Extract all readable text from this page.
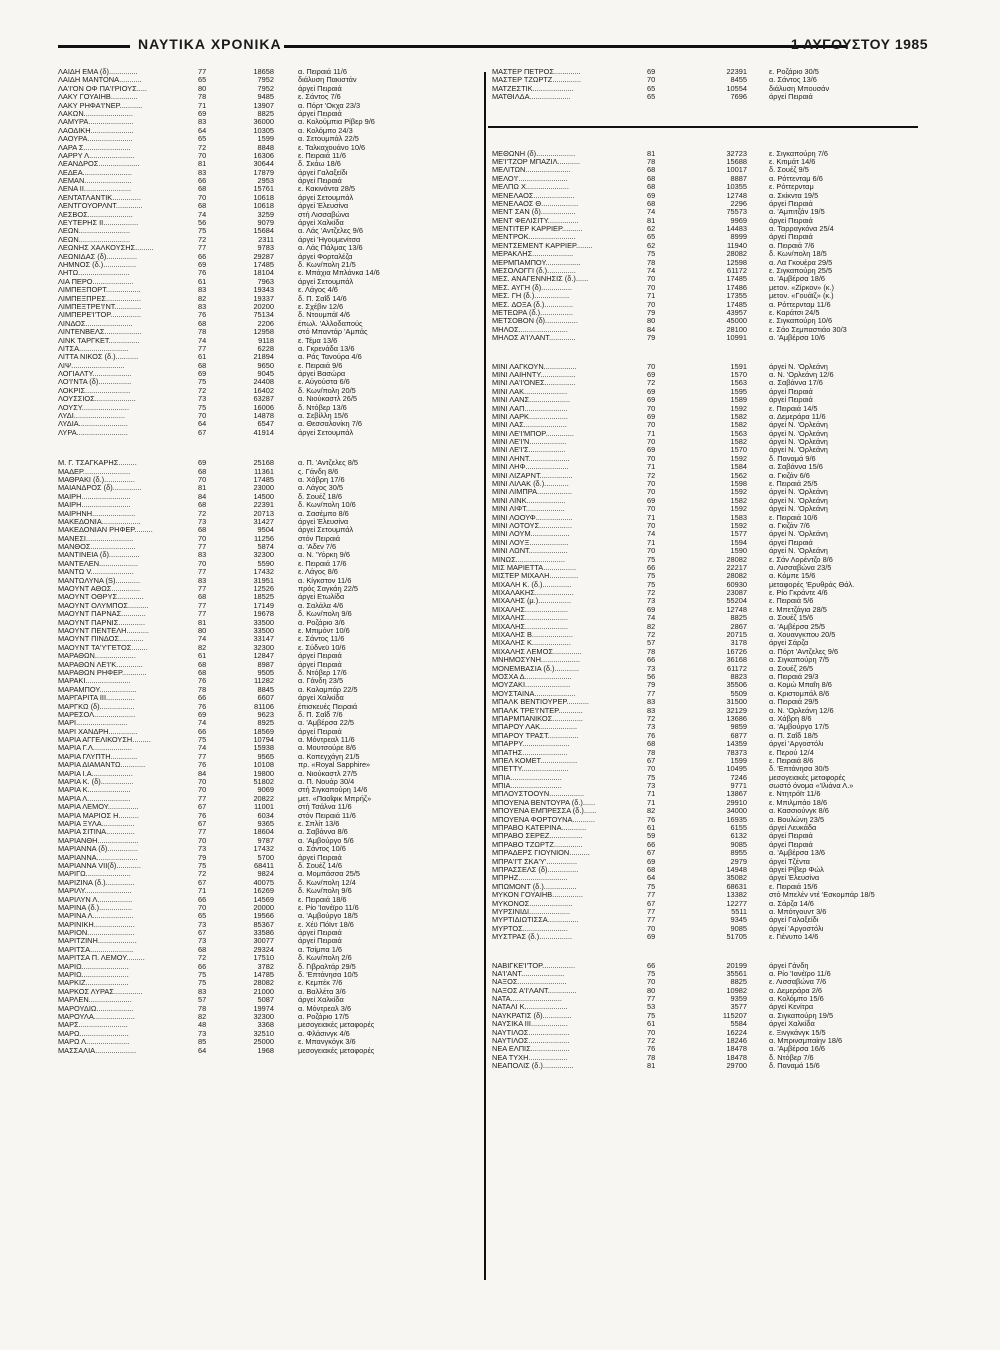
ΝΑΥΤΙΚΑ ΧΡΟΝΙΚΑ	1 ΑΥΓΟΥΣΤΟΥ 1985
ΛΑΙΔΗ ΕΜΑ (δ)..............	77	18658	α. Πειραιά 11/6
ΛΑΙΔΗ ΜΑΝΤΟΝΑ...........	65	7952	διάλυση Πακιστάν
ΛΑ'Ι'ΟΝ ΟΦ ΠΑ'Ι'ΡΙΟΥΣ.....	80	7952	άργεί Πειραιά
ΛΑΚΥ ΓΟΥΑΙΗΒ.............	78	9485	ε. Σάντος 7/6
ΛΑΚΥ ΡΗΦΑ'Ι'ΝΕΡ...........	71	13907	α. Πόρτ 'Οκχα 23/3
ΛΑΚΩΝ........................	69	8825	άργεί Πειραιά
ΛΑΜΥΡΑ......................	83	36000	α. Κολούμπια Ρίβερ 9/6
ΛΑΟΔΙΚΗ.....................	64	10305	α. Κολόμπο 24/3
ΛΑΟΥΡΑ......................	65	1599	α. Σετουμπάλ 22/5
ΛΑΡΑ Σ.......................	72	8848	ε. Ταλκαχουάνο 10/6
ΛΑΡΡΥ Λ......................	70	16306	ε. Πειραιά 11/6
ΛΕΑΝΔΡΟΣ....................	81	30644	δ. Σκάω 18/6
ΛΕΔΕΑ........................	83	17879	άργεί Γαλαξείδι
ΛΕΜΑΝ.......................	66	2953	άργεί Πειραιά
ΛΕΝΑ ΙΙ.......................	68	15761	ε. Κακινάντα 28/5
ΛΕΝΤΑΤΛΑΝΤΙΚ..............	70	10618	άργεί Σετουμπάλ
ΛΕΝΤΓΟΥΟΡΛΝΤ.............	68	10618	άργεί Έλευσίνα
ΛΕΣΒΟΣ......................	74	3259	στή Λισσαβώνα
ΛΕΥΤΕΡΗΣ ΙΙ.................	56	9079	άργεί Χαλκίδα
ΛΕΩΝ.........................	75	15684	α. Λάς 'Αντζελες 9/6
ΛΕΩΝ.........................	72	2311	άργεί 'Ηγουμενίτσα
ΛΕΩΝΗΣ ΧΑΛΚΟΥΣΗΣ.........	77	9783	α. Λάς Πάλμας 13/6
ΛΕΩΝΙΔΑΣ (δ)...............	66	29287	άργεί Φορταλέζα
ΛΗΜΝΟΣ (δ.)................	69	17485	δ. Κων/πολη 21/5
ΛΗΤΩ.........................	76	18104	ε. Μπάχια Μπλάνκα 14/6
ΛΙΑ ΠΕΡΟ....................	61	7963	άργεί Σετουμπάλ
ΛΙΜΠΕΞΠΟΡΤ.................	83	19343	ε. Λάγος 4/6
ΛΙΜΠΕΞΠΡΕΣ.................	82	19337	δ. Π. Σαΐδ 14/6
ΛΙΜΠΕΞΤΡΕ'Ι'ΝΤ.............	83	20200	ε. Σχέβιν 12/6
ΛΙΜΠΕΡΕ'Ι'ΤΟΡ...............	76	75134	δ. Ντουμπάϊ 4/6
ΛΙΝΔΟΣ.......................	68	2206	έπωλ. 'Αλλοδαπούς
ΛΙΝΤΕΝΒΕΛΣ..................	78	12958	στό Μπαντάρ 'Αμπάς
ΛΙΝΚ ΤΑΡΓΚΕΤ...............	74	9118	ε. Τέμα 13/6
ΛΙΤΣΑ........................	77	6228	α. Γκρενάδα 13/6
ΛΙΤΤΑ ΝΙΚΟΣ (δ.)...........	61	21894	α. Ράς Τανούρα 4/6
ΛΙΨ..........................	68	9650	ε. Πειραιά 9/6
ΛΟΓΙΑΛΤΥ...................	69	9045	άργεί Βασώρα
ΛΟ'Ι'ΝΤΑ (δ)................	75	24408	ε. Αύγούστα 6/6
ΛΟΚΡΙΣ......................	72	16402	δ. Κων/πολη 20/5
ΛΟΥΣΣΙΟΣ....................	73	63287	α. Νιούκαστλ 26/5
ΛΟΥΣΥ.......................	75	16006	δ. Ντόβερ 13/6
ΛΥΔΙ.........................	70	14878	α. Σεβίλλη 15/6
ΛΥΔΙΑ........................	64	6547	α. Θεσσαλονίκη 7/6
ΛΥΡΑ.........................	67	41914	άργεί Σετουμπάλ
Μ. Γ. ΤΣΑΓΚΑΡΗΣ.........	69	25168	α. Π. 'Αντζελες 8/5
ΜΑΔΕΡ.......................	68	11361	ς. Γάνδη 8/6
ΜΑΘΡΑΚΙ (δ.)...............	70	17485	α. Χάβρη 17/6
ΜΑΙΑΝΔΡΟΣ (δ)..............	81	23000	α. Λάγος 30/5
ΜΑΙΡΗ........................	84	14500	δ. Σουέζ 18/6
ΜΑΙΡΗ........................	68	22391	δ. Κων/πολη 10/6
ΜΑΙΡΗΝΗ.....................	72	20713	α. Σασέμπο 8/6
ΜΑΚΕΔΟΝΙΑ...................	73	31427	άργεί Έλευσίνα
ΜΑΚΕΔΟΝΙΑΝ ΡΗΦΕΡ.........	68	9504	άργεί Σετουμπάλ
ΜΑΝΕΣΙ.......................	70	11256	στόν Πειραιά
ΜΑΝΘΟΣ......................	77	5874	α. 'Αδεν 7/6
ΜΑΝΤΙΝΕΙΑ (δ)...............	83	32300	α. Ν. 'Υόρκη 9/6
ΜΑΝΤΕΛΕΝ...................	70	5590	ε. Πειραιά 17/6
ΜΑΝΤΩ V.....................	77	17432	ε. Λάγος 8/6
ΜΑΝΤΩΛΥΝΑ (S)............	83	31951	α. Κίγκστον 11/6
ΜΑΟΥΝΤ ΑΘΩΣ..............	77	12526	πρός Σαγκάη 22/5
ΜΑΟΥΝΤ ΟΘΡΥΣ.............	68	18525	άργεί Ετωλίδα
ΜΑΟΥΝΤ ΟΛΥΜΠΟΣ..........	77	17149	α. Σαλάλα 4/6
ΜΑΟΥΝΤ ΠΑΡΝΑΣ............	77	19678	δ. Κων/πολη 9/6
ΜΑΟΥΝΤ ΠΑΡΝΙΣ.............	81	33500	α. Ροζάριο 3/6
ΜΑΟΥΝΤ ΠΕΝΤΕΛΗ...........	80	33500	ε. Μπιμόντ 10/6
ΜΑΟΥΝΤ ΠΙΝΔΟΣ............	74	33147	ε. Σάντος 11/6
ΜΑΟΥΝΤ ΤΑ'Υ'ΓΕΤΟΣ........	82	32300	ε. Σύδνεϋ 10/6
ΜΑΡΑΘΩΝ....................	61	12847	άργεί Πειραιά
ΜΑΡΑΘΩΝ ΛΕ'Ι'Κ.............	68	8987	άργεί Πειραιά
ΜΑΡΑΘΩΝ ΡΗΦΕΡ............	68	9505	δ. Ντόβερ 17/6
ΜΑΡΑΚΙ......................	76	11282	α. Γάνδη 23/5
ΜΑΡΑΜΠΟΥ..................	78	8845	α. Καλαμπάρ 22/5
ΜΑΡΓΑΡΙΤΑ ΙΙΙ..............	66	6607	άργεί Χαλκίδα
ΜΑΡΓΚΩ (δ).................	76	81106	έπισκευές Πειραιά
ΜΑΡΕΣΟΛ....................	69	9623	δ. Π. Σαΐδ 7/6
ΜΑΡΙ.........................	74	8925	α. 'Αμβέρσα 22/5
ΜΑΡΙ ΧΑΝΔΡΗ..............	66	18569	άργεί Πειραιά
ΜΑΡΙΑ ΑΓΓΕΛΙΚΟΥΣΗ.........	75	10794	α. Μόντρεαλ 11/6
ΜΑΡΙΑ Γ.Λ...................	74	15938	α. Μουτσούρε 8/6
ΜΑΡΙΑ ΓΛΥΠΤΗ.............	77	9565	α. Κοπεγχάγη 21/5
ΜΑΡΙΑ ΔΙΑΜΑΝΤΩ............	76	10108	πρ. «Royal Sapphire»
ΜΑΡΙΑ Ι.Α....................	84	19800	α. Νιούκαστλ 27/5
ΜΑΡΙΑ Κ. (δ)................	70	51802	α. Π. Νουάρ 30/4
ΜΑΡΙΑ Κ.....................	70	9069	στή Σιγκαπούρη 14/6
ΜΑΡΙΑ Λ.....................	77	20822	μετ. «Παοΐφικ Μπρήζ»
ΜΑΡΙΑ ΛΕΜΟΥ...............	67	11001	στή Τσάλνα 11/6
ΜΑΡΙΑ ΜΑΡΙΟΣ Η..........	76	6034	στόν Πειραιά 11/6
ΜΑΡΙΑ ΞΥΛΑ................	67	9365	ε. Σπλίτ 13/6
ΜΑΡΙΑ ΣΙΤΙΝΑ..............	77	18604	α. Σαβάννα 8/6
ΜΑΡΙΑΝΘΗ....................	70	9787	α. 'Αμβούργο 5/6
ΜΑΡΙΑΝΝΑ (δ)...............	73	17432	α. Σάντος 10/6
ΜΑΡΙΑΝΝΑ....................	79	5700	άργεί Πειραιά
ΜΑΡΙΑΝΝΑ VII(δ)............	75	68411	δ. Σουέζ 14/6
ΜΑΡΙΓΩ......................	72	9824	α. Μομπάσσα 25/5
ΜΑΡΙΖΙΝΑ (δ.)..............	67	40075	δ. Κων/πολη 12/4
ΜΑΡΙΛΥ.......................	71	16269	δ. Κων/πολη 9/6
ΜΑΡΙΛΥΝ Λ.................	66	14569	ε. Πειραιά 18/6
ΜΑΡΙΝΑ (δ.)................	70	20000	ε. Ρίο 'Ιανέϊρο 11/6
ΜΑΡΙΝΑ Λ....................	65	19566	α. 'Αμβούργο 18/5
ΜΑΡΙΝΙΚΗ....................	73	85367	ε. Χέϋ Πόϊντ 18/6
ΜΑΡΙΟΝ.......................	67	33586	άργεί Πειραιά
ΜΑΡΙΤΖΙΝΗ...................	73	30077	άργεί Πειραιά
ΜΑΡΙΤΣΑ.....................	68	29324	α. Τσίμπα 1/6
ΜΑΡΙΤΣΑ Π. ΛΕΜΟΥ.........	72	17510	δ. Κων/πολη 2/6
ΜΑΡΙΩ.......................	66	3782	δ. Γιβραλτάρ 29/5
ΜΑΡΙΩ.......................	75	14785	δ. 'Επτάνησα 10/5
ΜΑΡΚΙΖ.....................	75	28082	ε. Κεμπέκ 7/6
ΜΑΡΚΟΣ ΛΥΡΑΣ..............	83	21000	α. Βαλλέτα 3/6
ΜΑΡΛΕΝ.....................	57	5087	άργεί Χαλκίδα
ΜΑΡΟΥΔΙΩ..................	78	19974	α. Μόντρεαλ 3/6
ΜΑΡΟΥΛΑ....................	82	32300	α. Ροζάριο 17/5
ΜΑΡΣ........................	48	3368	μεσογειακές μεταφορές
ΜΑΡΩ........................	73	32510	α. Φλάσινγκ 4/6
ΜΑΡΩ Λ.....................	85	25000	ε. Μπανγκόγκ 3/6
ΜΑΣΣΑΛΙΑ....................	64	1968	μεσογειακές μεταφορές
ΜΑΣΤΕΡ ΠΕΤΡΟΣ.............	69	22391	ε. Ροζάριο 30/5
ΜΑΣΤΕΡ ΤΖΩΡΤΖ..............	70	8455	α. Σάντος 13/6
ΜΑΤΖΕΣΤΙΚ....................	65	10554	διάλυση Μπουσάν
ΜΑΤΘΙΛΔΑ....................	65	7696	άργεί Πειραιά
ΜΕΘΩΝΗ (δ)...................	81	32723	ε. Σιγκαπούρη 7/6
ΜΕ'Ι'ΤΖΟΡ ΜΠΑΖΙΛ...........	78	15688	ε. Κιτιμάτ 14/6
ΜΕΛΙΤΩΝ......................	68	10017	δ. Σουέζ 9/5
ΜΕΛΟ'Ι'........................	68	8887	α. Ρόττενταμ 6/6
ΜΕΛΠΩ Χ.....................	68	10355	ε. Ρόττερνταμ
ΜΕΝΕΛΑΟΣ....................	69	12748	α. Σκίκντα 19/5
ΜΕΝΕΛΑΟΣ Θ..................	68	2296	άργεί Πειραιά
ΜΕΝΤ ΣΑΝ (δ).................	74	75573	α. 'Αμπιτζάν 19/5
ΜΕΝΤ ΦΕΛΙΣΙΤΥ...............	81	9969	άργεί Πειραιά
ΜΕΝΤΙΤΕΡ ΚΑΡΡΙΕΡ..........	62	14483	α. Ταρραγκόνα 25/4
ΜΕΝΤΡΟΚ.......................	65	8999	άργεί Πειραιά
ΜΕΝΤΣΕΜΕΝΤ ΚΑΡΡΙΕΡ........	62	11940	α. Πειραιά 7/6
ΜΕΡΑΚΛΗΣ....................	75	28082	δ. Κων/πολη 18/5
ΜΕΡΜΠΑΜΠΟΥ.................	78	12598	α. Λα Γκουέρα 29/5
ΜΕΣΟΛΟΓΓΙ (δ.)..............	74	61172	ε. Σιγκαπούρη 25/5
ΜΕΣ. ΑΝΑΓΕΝΝΗΣΙΣ (δ.)......	70	17485	α. 'Αμβέρσα 18/6
ΜΕΣ. ΑΥΓΗ (δ)...............	70	17486	μετον. «Ζίρκον» (κ.)
ΜΕΣ. ΓΗ (δ.).................	71	17355	μετον. «Γουάϊζ» (κ.)
ΜΕΣ. ΔΟΞΑ (δ.)..............	70	17485	α. Ρόττερνταμ 11/6
ΜΕΤΕΩΡΑ (δ.)................	79	43957	ε. Καράτσι 24/5
ΜΕΤΣΟΒΟΝ (δ)................	80	45000	ε. Σιγκαπούρη 10/6
ΜΗΛΟΣ........................	84	28100	ε. Σάο Σεμπαστιάο 30/3
ΜΗΛΟΣ Α'Ι'ΛΑΝΤ.............	79	10991	α. 'Αμβέρσα 10/6
ΜΙΝΙ ΛΑΓΚΟΥΝ................	70	1591	άργεί Ν. 'Ορλεάνη
ΜΙΝΙ ΛΑΙΗΝΤΥ.................	69	1570	α. Ν. 'Ορλεάνη 12/6
ΜΙΝΙ ΛΑ'Ι'ΟΝΕΣ...............	72	1563	α. Σαβάννα 17/6
ΜΙΝΙ ΛΑΚ.....................	69	1595	άργεί Πειραιά
ΜΙΝΙ ΛΑΝΣ....................	69	1589	άργεί Πειραιά
ΜΙΝΙ ΛΑΠ.....................	70	1592	ε. Πειραιά 14/5
ΜΙΝΙ ΛΑΡΚ...................	69	1582	α. Δεμεράρα 11/6
ΜΙΝΙ ΛΑΣ.....................	70	1582	άργεί Ν. 'Ορλεάνη
ΜΙΝΙ ΛΕ'Ι'ΜΠΟΡ..............	71	1563	άργεί Ν. 'Ορλεάνη
ΜΙΝΙ ΛΕ'Ι'Ν..................	70	1582	άργεί Ν. 'Ορλεάνη
ΜΙΝΙ ΛΕ'Ι'Σ..................	69	1570	άργεί Ν. 'Ορλεάνη
ΜΙΝΙ ΛΗΝΤ....................	70	1592	δ. Παναμά 9/6
ΜΙΝΙ ΛΗΦ.....................	71	1584	α. Σαβάννα 15/6
ΜΙΝΙ ΛΙΖΑΡΝΤ................	72	1562	α. Γκιζάν 6/6
ΜΙΝΙ ΛΙΛΑΚ (δ.)............	70	1598	ε. Πειραιά 25/5
ΜΙΝΙ ΛΙΜΠΡΑ.................	70	1592	άργεί Ν. 'Ορλεάνη
ΜΙΝΙ ΛΙΝΚ...................	69	1582	άργεί Ν. 'Ορλεάνη
ΜΙΝΙ ΛΙΦΤ...................	70	1592	άργεί Ν. 'Ορλεάνη
ΜΙΝΙ ΛΟΟΥΦ..................	71	1583	ε. Πειραιά 10/6
ΜΙΝΙ ΛΟΤΟΥΣ................	70	1592	α. Γκιζάν 7/6
ΜΙΝΙ ΛΟΥΜ...................	74	1577	άργεί Ν. 'Ορλεάνη
ΜΙΝΙ ΛΟΥΞ...................	71	1594	άργεί Πειραιά
ΜΙΝΙ ΛΩΝΤ...................	70	1590	άργεί Ν. 'Ορλεάνη
ΜΙΝΩΣ........................	75	28082	ε. Σάν Λορέντζο 8/6
ΜΙΣ ΜΑΡΙΕΤΤΑ................	66	22217	α. Λισσαβώνα 23/5
ΜΙΣΤΕΡ ΜΙΧΑΛΗ..............	75	28082	α. Κόμπε 15/6
ΜΙΧΑΛΗ Κ. (δ.)..............	75	60930	μεταφορές 'Ερυθράς Θάλ.
ΜΙΧΑΛΑΚΗΣ...................	72	23087	ε. Ρίο Γκράντε 4/6
ΜΙΧΑΛΗΣ (μ.)................	73	55204	ε. Πειραιά 5/6
ΜΙΧΑΛΗΣ.....................	69	12748	ε. Μπετζάγια 28/5
ΜΙΧΑΛΗΣ.....................	74	8825	α. Σουέζ 15/6
ΜΙΧΑΛΗΣ.....................	82	2867	α. 'Αμβέρσα 25/5
ΜΙΧΑΛΗΣ Β....................	72	20715	α. Χουανγκπου 20/5
ΜΙΧΑΛΗΣ Κ...................	57	3178	άργεί Σάρζα
ΜΙΧΑΛΗΣ ΛΕΜΟΣ..............	78	16726	α. Πόρτ 'Αντζελες 9/6
ΜΝΗΜΟΣΥΝΗ...................	66	36168	α. Σιγκαπούρη 7/5
ΜΟΝΕΜΒΑΣΙΑ (δ.)............	73	61172	α. Σουέζ 26/5
ΜΟΣΧΑ Δ.......................	56	8823	α. Πειραιά 29/3
ΜΟΥΖΑΚΙ......................	79	35506	α. Κομώ Μπαΐη 8/6
ΜΟΥΣΤΑΙΝΑ....................	77	5509	α. Κριστομπάλ 8/6
ΜΠΑΛΚ ΒΕΝΤΙΟΥΡΕΡ...........	83	31500	α. Πειραιά 29/5
ΜΠΑΛΚ ΤΡΕ'Ι'ΝΤΕΡ............	83	32129	α. Ν. 'Ορλεάνη 12/6
ΜΠΑΡΜΠΑΝΙΚΟΣ...............	72	13686	α. Χάβρη 8/6
ΜΠΑΡΟΥ ΛΑΚ..................	73	9859	α. 'Αμβούργο 17/5
ΜΠΑΡΟΥ ΤΡΑΣΤ...............	76	6877	α. Π. Σαΐδ 18/5
ΜΠΑΡΡΥ.......................	68	14359	άργεί 'Αργοστόλι
ΜΠΑΤΗΣ......................	78	78373	ε. Περού 12/4
ΜΠΕΛ ΚΟΜΕΤ..................	67	1599	ε. Πειραιά 8/6
ΜΠΕΤΤΥ.......................	70	10495	δ. 'Επτάνησα 30/5
ΜΠΙΑ.........................	75	7246	μεσογειακές μεταφορές
ΜΠΙΑ.........................	73	9771	σωστό όνομα «'Ιλιάνα Λ.»
ΜΠΛΟΥΣΤΟΟΥΝ.................	71	13867	ε. Ντητρόϊτ 11/6
ΜΠΟΥΕΝΑ ΒΕΝΤΟΥΡΑ (δ.)......	71	29910	ε. Μπιλμπάο 18/6
ΜΠΟΥΕΝΑ ΕΜΠΡΕΣΣΑ (δ.)......	82	34000	α. Κασσιούνγκ 8/6
ΜΠΟΥΕΝΑ ΦΟΡΤΟΥΝΑ...........	76	16935	α. Βουλώνη 23/5
ΜΠΡΑΒΟ ΚΑΤΕΡΙΝΑ............	61	6155	άργεί Λευκάδα
ΜΠΡΑΒΟ ΣΕΡΕΖ................	59	6132	άργεί Πειραιά
ΜΠΡΑΒΟ ΤΖΩΡΤΖ..............	66	9085	άργεί Πειραιά
ΜΠΡΑΔΕΡΣ ΓΙΟΥΝΙΟΝ..........	67	8955	α. 'Αμβέρσα 13/6
ΜΠΡΑ'Ι'Τ ΣΚΑ'Υ'...............	69	2979	άργεί Τζέντα
ΜΠΡΑΣΣΕΛΣ (δ)...............	68	14948	άργεί Ρίβερ Φώλ
ΜΠΡΗΖ........................	64	35082	άργεί Έλευσίνα
ΜΠΩΜΟΝΤ (δ.)................	75	68631	ε. Πειραιά 15/6
ΜΥΚΟΝ ΓΟΥΑΙΗΒ...............	77	13382	στό Μπελέν ντέ 'Εσκομπάρ 18/5
ΜΥΚΟΝΟΣ.....................	67	12277	α. Σάρζα 14/6
ΜΥΡΣΙΝΙΔΙ....................	77	5511	α. Μπότγουντ 3/6
ΜΥΡΤΙΔΙΩΤΙΣΣΑ...............	77	9345	άργεί Γαλαξείδι
ΜΥΡΤΟΣ......................	70	9085	άργεί 'Αργοστόλι
ΜΥΣΤΡΑΣ (δ.)................	69	51705	ε. Γιένυπο 14/6
ΝΑΒΙΓΚΕ'Ι'ΤΟΡ................	66	20199	άργεί Γάνδη
ΝΑ'Ι'ΑΝΤ.....................	75	35561	α. Ρίο 'Ιανέϊρο 11/6
ΝΑΞΟΣ........................	70	8825	ε. Λισσαβώνα 7/6
ΝΑΞΟΣ Α'Ι'ΛΑΝΤ..............	80	10982	α. Δεμεράρα 2/6
ΝΑΤΑ.........................	77	9359	α. Κολόμπο 15/6
ΝΑΤΑΛΙ Κ.....................	53	3577	άργεί Κενίτρα
ΝΑΥΚΡΑΤΙΣ (δ)..............	75	115207	α. Σιγκαπούρη 19/5
ΝΑΥΣΙΚΑ ΙΙΙ..................	61	5584	άργεί Χαλκίδα
ΝΑΥΤΙΛΟΣ....................	70	16224	ε. Ξινγκάνγκ 15/5
ΝΑΥΤΙΛΟΣ....................	72	18246	α. Μπρινσμπαίην 18/6
ΝΕΑ ΕΛΠΙΣ...................	76	18478	α. 'Αμβέρσα 16/6
ΝΕΑ ΤΥΧΗ...................	78	18478	δ. Ντόβερ 7/6
ΝΕΑΠΟΛΙΣ (δ.)...............	81	29700	δ. Παναμά 15/6
